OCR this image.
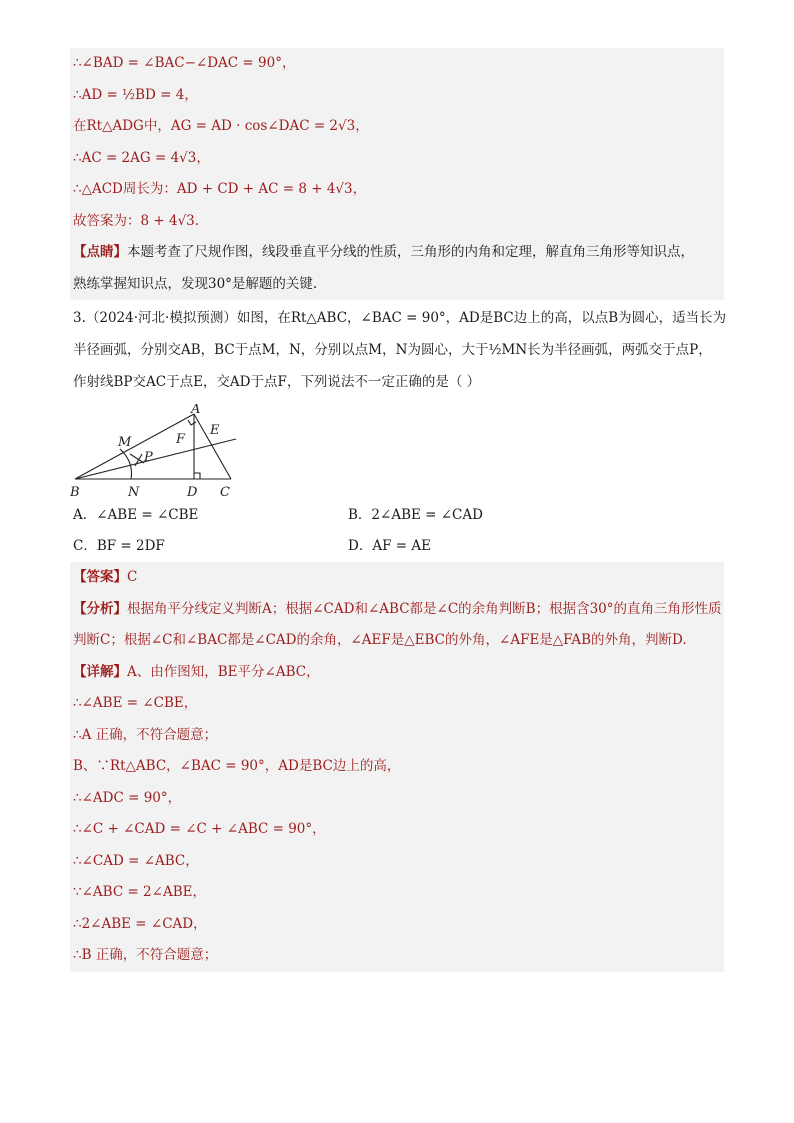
∴∠BAD = ∠BAC−∠DAC = 90°，
∴AD = ½BD = 4，
在Rt△ADG中，AG = AD · cos∠DAC = 2√3，
∴AC = 2AG = 4√3，
∴△ACD周长为：AD + CD + AC = 8 + 4√3，
故答案为：8 + 4√3.
【点睛】本题考查了尺规作图，线段垂直平分线的性质，三角形的内角和定理，解直角三角形等知识点，
熟练掌握知识点，发现30°是解题的关键.
3.（2024·河北·模拟预测）如图，在Rt△ABC，∠BAC = 90°，AD是BC边上的高，以点B为圆心，适当长为
半径画弧，分别交AB，BC于点M，N，分别以点M，N为圆心，大于½MN长为半径画弧，两弧交于点P，
作射线BP交AC于点E，交AD于点F，下列说法不一定正确的是（ ）
A
B	C
D
E
F
M
N
P
A．∠ABE = ∠CBE	B．2∠ABE = ∠CAD
C．BF = 2DF	D．AF = AE
【答案】C
【分析】根据角平分线定义判断A；根据∠CAD和∠ABC都是∠C的余角判断B；根据含30°的直角三角形性质
判断C；根据∠C和∠BAC都是∠CAD的余角，∠AEF是△EBC的外角，∠AFE是△FAB的外角，判断D.
【详解】A、由作图知，BE平分∠ABC，
∴∠ABE = ∠CBE，
∴A 正确，不符合题意；
B、∵Rt△ABC，∠BAC = 90°，AD是BC边上的高，
∴∠ADC = 90°，
∴∠C + ∠CAD = ∠C + ∠ABC = 90°，
∴∠CAD = ∠ABC，
∵∠ABC = 2∠ABE，
∴2∠ABE = ∠CAD，
∴B 正确，不符合题意；
